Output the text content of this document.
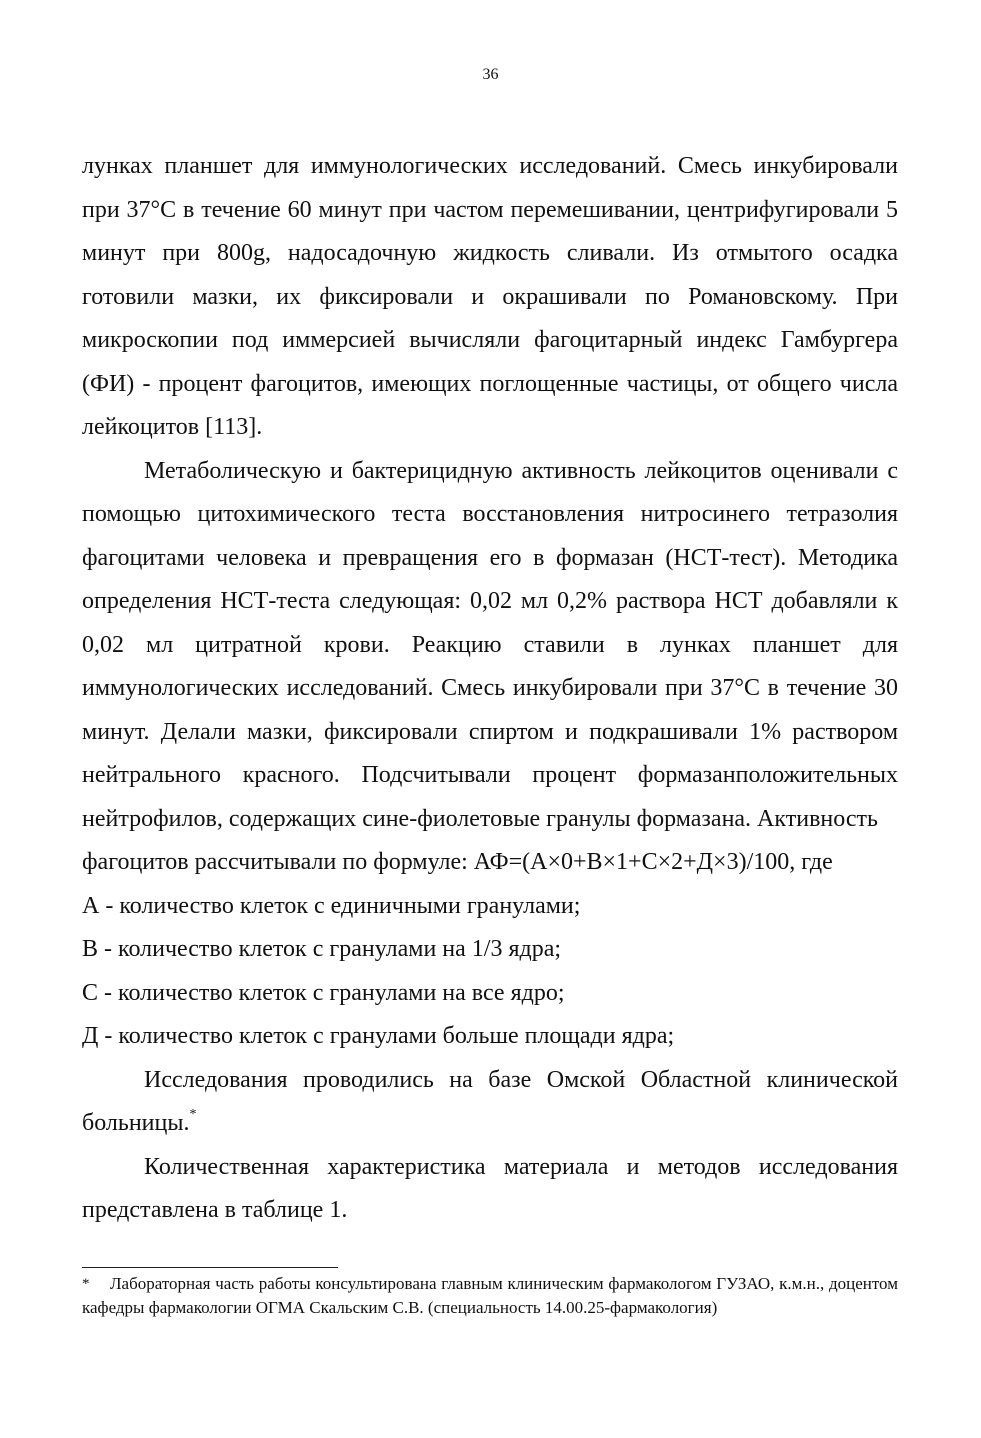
36

лунках планшет для иммунологических исследований. Смесь инкубировали при 37°С в течение 60 минут при частом перемешивании, центрифугировали 5 минут при 800g, надосадочную жидкость сливали. Из отмытого осадка готовили мазки, их фиксировали и окрашивали по Романовскому. При микроскопии под иммерсией вычисляли фагоцитарный индекс Гамбургера (ФИ) - процент фагоцитов, имеющих поглощенные частицы, от общего числа лейкоцитов [113].

Метаболическую и бактерицидную активность лейкоцитов оценивали с помощью цитохимического теста восстановления нитросинего тетразолия фагоцитами человека и превращения его в формазан (НСТ-тест). Методика определения НСТ-теста следующая: 0,02 мл 0,2% раствора НСТ добавляли к 0,02 мл цитратной крови. Реакцию ставили в лунках планшет для иммунологических исследований. Смесь инкубировали при 37°С в течение 30 минут. Делали мазки, фиксировали спиртом и подкрашивали 1% раствором нейтрального красного. Подсчитывали процент формазанположительных нейтрофилов, содержащих сине-фиолетовые гранулы формазана. Активность

фагоцитов рассчитывали по формуле: АФ=(А×0+В×1+С×2+Д×3)/100, где

А - количество клеток с единичными гранулами;

В - количество клеток с гранулами на 1/3 ядра;

С - количество клеток с гранулами на все ядро;

Д - количество клеток с гранулами больше площади ядра;

Исследования проводились на базе Омской Областной клинической больницы.*

Количественная характеристика материала и методов исследования представлена в таблице 1.

* Лабораторная часть работы консультирована главным клиническим фармакологом ГУЗАО, к.м.н., доцентом кафедры фармакологии ОГМА Скальским С.В. (специальность 14.00.25-фармакология)
